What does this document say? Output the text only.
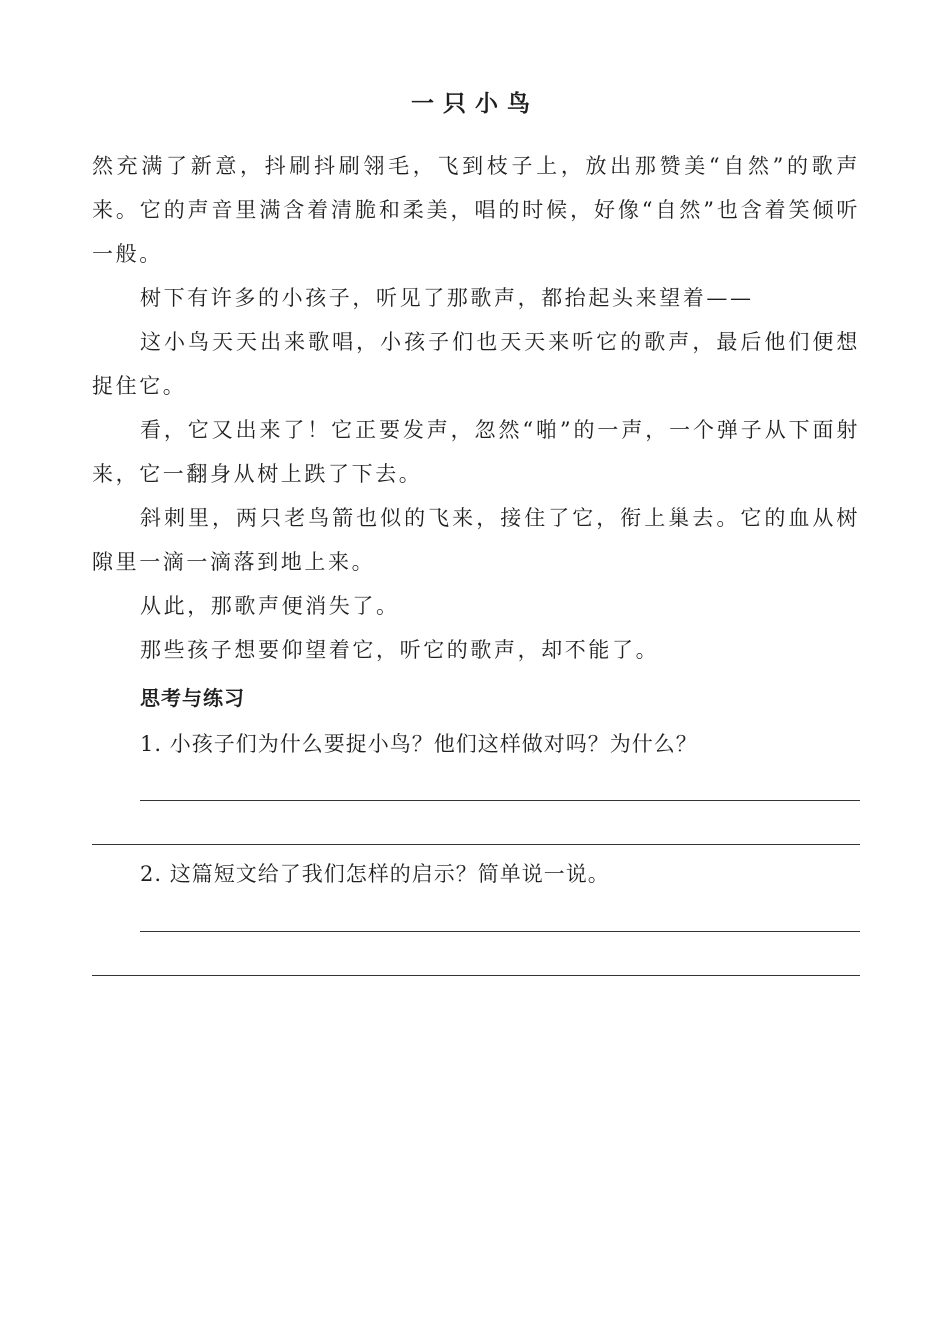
一只小鸟

然充满了新意，抖刷抖刷翎毛，飞到枝子上，放出那赞美“自然”的歌声来。它的声音里满含着清脆和柔美，唱的时候，好像“自然”也含着笑倾听一般。

树下有许多的小孩子，听见了那歌声，都抬起头来望着——

这小鸟天天出来歌唱，小孩子们也天天来听它的歌声，最后他们便想捉住它。

看，它又出来了！它正要发声，忽然“啪”的一声，一个弹子从下面射来，它一翻身从树上跌了下去。

斜刺里，两只老鸟箭也似的飞来，接住了它，衔上巢去。它的血从树隙里一滴一滴落到地上来。

从此，那歌声便消失了。

那些孩子想要仰望着它，听它的歌声，却不能了。

思考与练习
1. 小孩子们为什么要捉小鸟？他们这样做对吗？为什么？
2. 这篇短文给了我们怎样的启示？简单说一说。
